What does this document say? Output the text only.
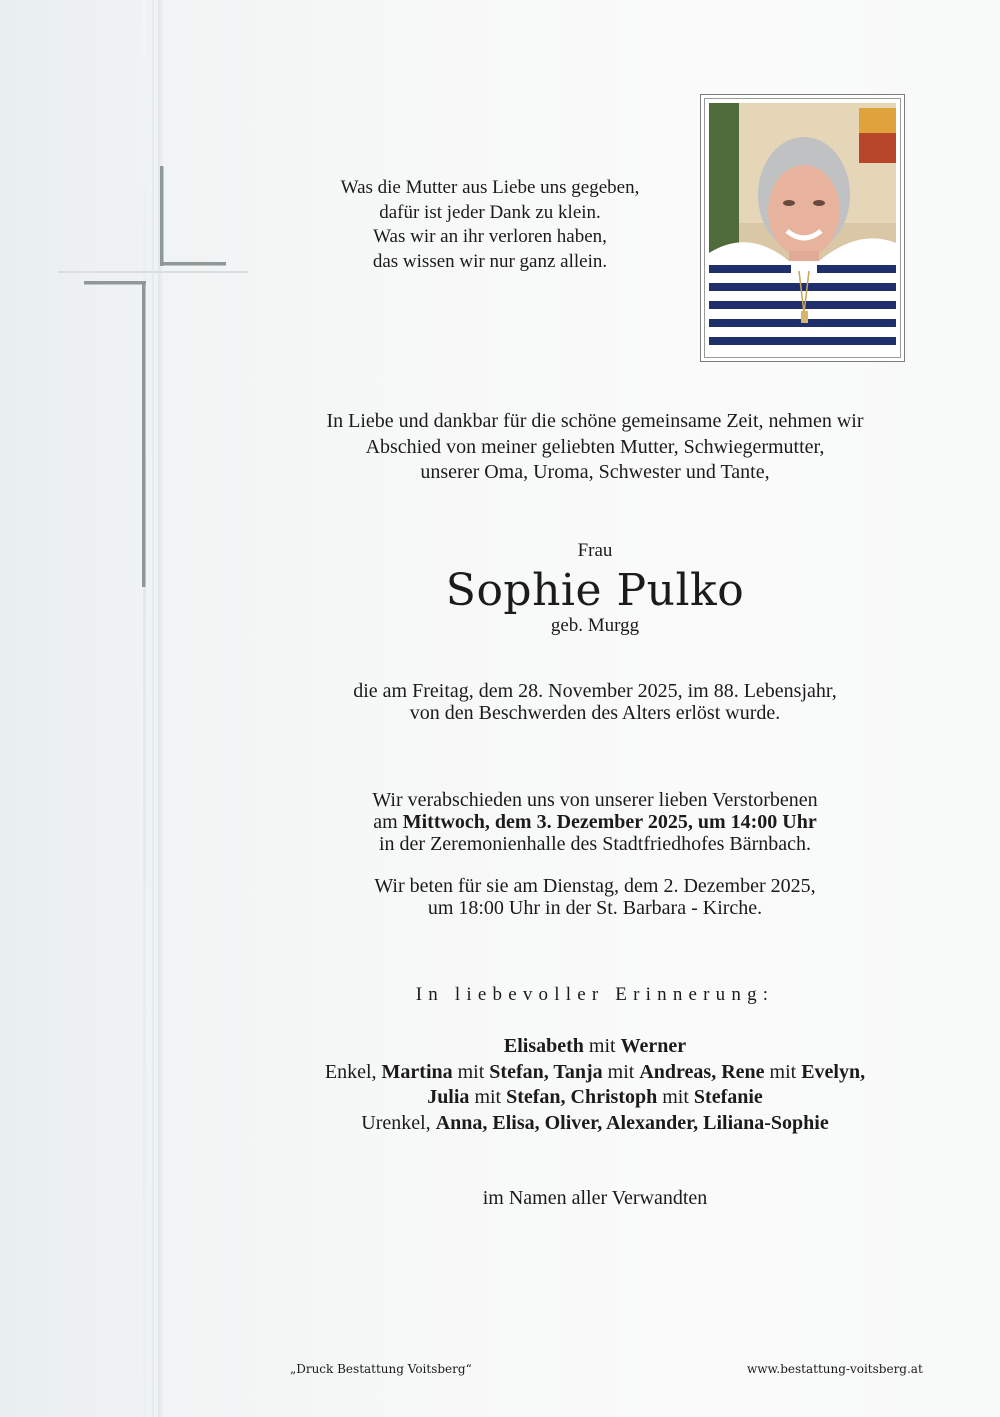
Was die Mutter aus Liebe uns gegeben,
dafür ist jeder Dank zu klein.
Was wir an ihr verloren haben,
das wissen wir nur ganz allein.
In Liebe und dankbar für die schöne gemeinsame Zeit, nehmen wir
Abschied von meiner geliebten Mutter, Schwiegermutter,
unserer Oma, Uroma, Schwester und Tante,
Frau
Sophie Pulko
geb. Murgg
die am Freitag, dem 28. November 2025, im 88. Lebensjahr,
von den Beschwerden des Alters erlöst wurde.
Wir verabschieden uns von unserer lieben Verstorbenen
am Mittwoch, dem 3. Dezember 2025, um 14:00 Uhr
in der Zeremonienhalle des Stadtfriedhofes Bärnbach.
Wir beten für sie am Dienstag, dem 2. Dezember 2025,
um 18:00 Uhr in der St. Barbara - Kirche.
In liebevoller Erinnerung:
Elisabeth mit Werner
Enkel, Martina mit Stefan, Tanja mit Andreas, Rene mit Evelyn,
Julia mit Stefan, Christoph mit Stefanie
Urenkel, Anna, Elisa, Oliver, Alexander, Liliana-Sophie
im Namen aller Verwandten
„Druck Bestattung Voitsberg“	www.bestattung-voitsberg.at
